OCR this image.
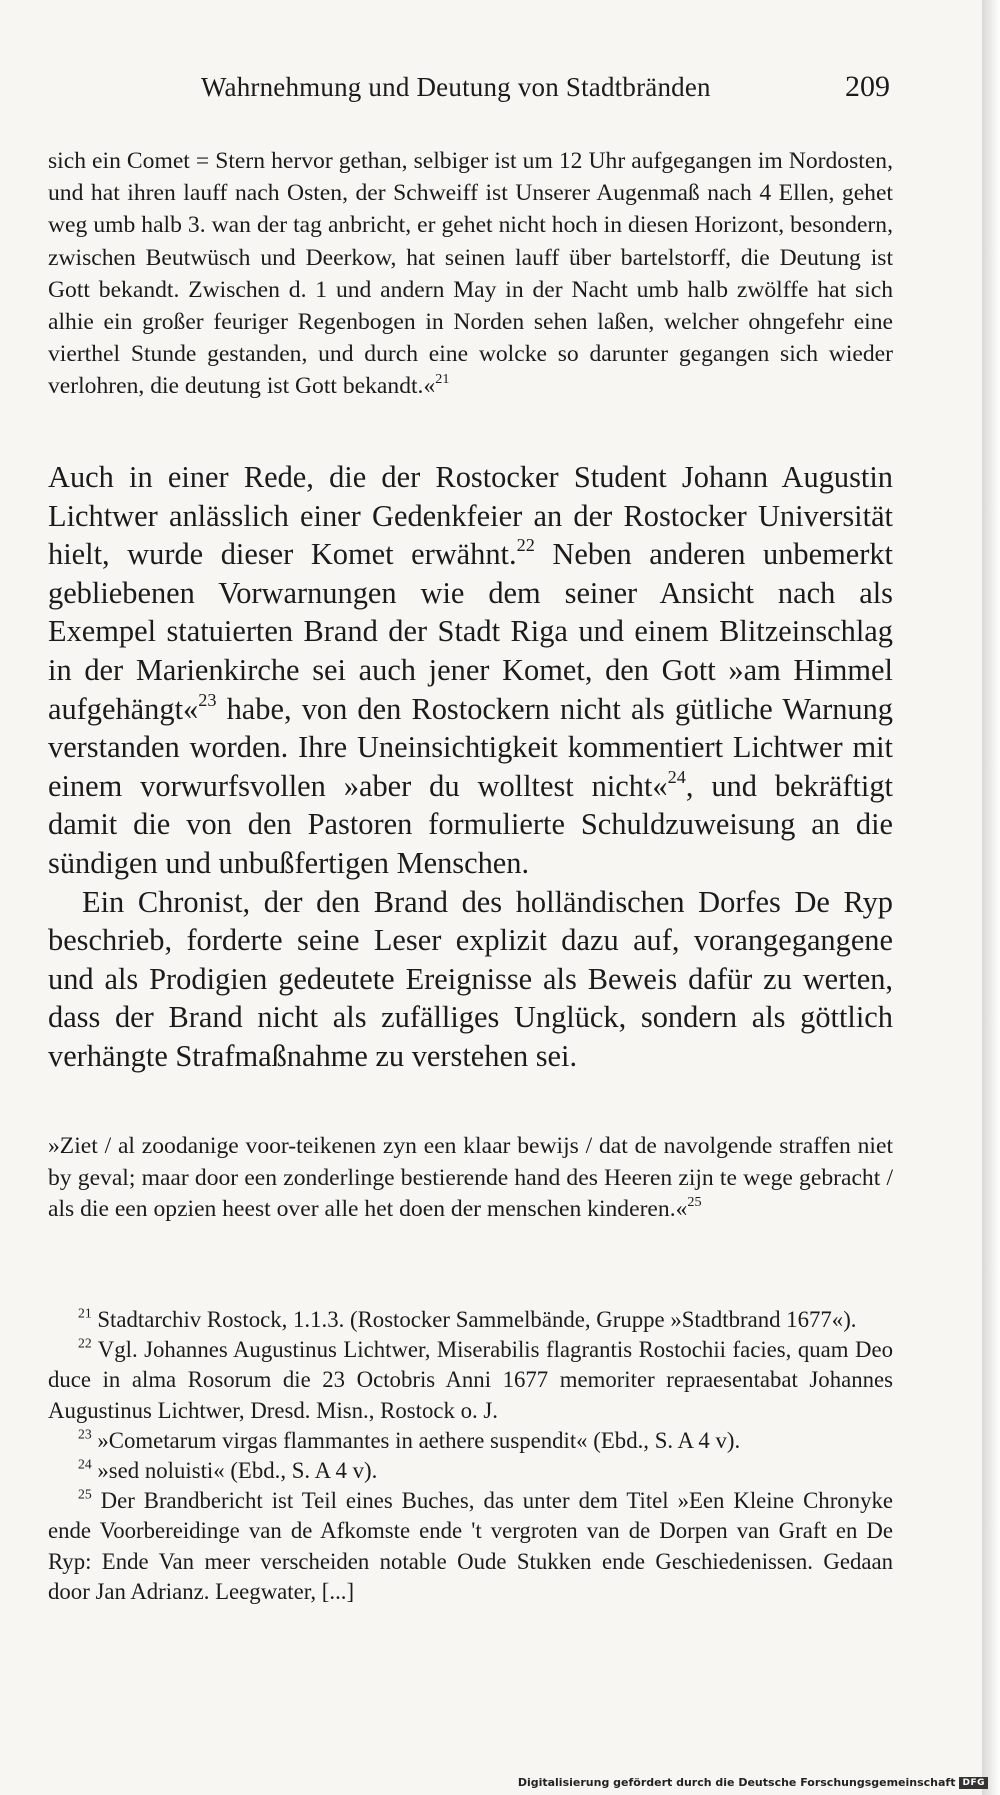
Wahrnehmung und Deutung von Stadtbränden	209

sich ein Comet = Stern hervor gethan, selbiger ist um 12 Uhr aufgegangen im Nordosten, und hat ihren lauff nach Osten, der Schweiff ist Unserer Augenmaß nach 4 Ellen, gehet weg umb halb 3. wan der tag anbricht, er gehet nicht hoch in diesen Horizont, besondern, zwischen Beutwüsch und Deerkow, hat seinen lauff über bartelstorff, die Deutung ist Gott bekandt. Zwischen d. 1 und andern May in der Nacht umb halb zwölffe hat sich alhie ein großer feuriger Regenbogen in Norden sehen laßen, welcher ohngefehr eine vierthel Stunde gestanden, und durch eine wolcke so darunter gegangen sich wieder verlohren, die deutung ist Gott bekandt.«$^{21}$

Auch in einer Rede, die der Rostocker Student Johann Augustin Lichtwer anlässlich einer Gedenkfeier an der Rostocker Universität hielt, wurde dieser Komet erwähnt.$^{22}$ Neben anderen unbemerkt gebliebenen Vorwarnungen wie dem seiner Ansicht nach als Exempel statuierten Brand der Stadt Riga und einem Blitzeinschlag in der Marienkirche sei auch jener Komet, den Gott »am Himmel aufgehängt«$^{23}$ habe, von den Rostockern nicht als gütliche Warnung verstanden worden. Ihre Uneinsichtigkeit kommentiert Lichtwer mit einem vorwurfsvollen »aber du wolltest nicht«$^{24}$, und bekräftigt damit die von den Pastoren formulierte Schuldzuweisung an die sündigen und unbußfertigen Menschen.

Ein Chronist, der den Brand des holländischen Dorfes De Ryp beschrieb, forderte seine Leser explizit dazu auf, vorangegangene und als Prodigien gedeutete Ereignisse als Beweis dafür zu werten, dass der Brand nicht als zufälliges Unglück, sondern als göttlich verhängte Strafmaßnahme zu verstehen sei.

»Ziet / al zoodanige voor-teikenen zyn een klaar bewijs / dat de navolgende straffen niet by geval; maar door een zonderlinge bestierende hand des Heeren zijn te wege gebracht / als die een opzien heest over alle het doen der menschen kinderen.«$^{25}$

$^{21}$ Stadtarchiv Rostock, 1.1.3. (Rostocker Sammelbände, Gruppe »Stadtbrand 1677«).

$^{22}$ Vgl. Johannes Augustinus Lichtwer, Miserabilis flagrantis Rostochii facies, quam Deo duce in alma Rosorum die 23 Octobris Anni 1677 memoriter repraesentabat Johannes Augustinus Lichtwer, Dresd. Misn., Rostock o. J.

$^{23}$ »Cometarum virgas flammantes in aethere suspendit« (Ebd., S. A 4 v).

$^{24}$ »sed noluisti« (Ebd., S. A 4 v).

$^{25}$ Der Brandbericht ist Teil eines Buches, das unter dem Titel »Een Kleine Chronyke ende Voorbereidinge van de Afkomste ende 't vergroten van de Dorpen van Graft en De Ryp: Ende Van meer verscheiden notable Oude Stukken ende Geschiedenissen. Gedaan door Jan Adrianz. Leegwater, [...]

Digitalisierung gefördert durch die Deutsche Forschungsgemeinschaft DFG
